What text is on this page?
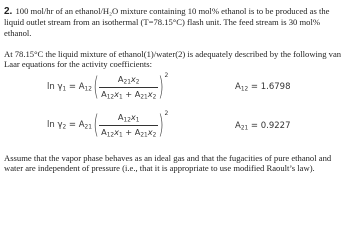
2. 100 mol/hr of an ethanol/H₂O mixture containing 10 mol% ethanol is to be produced as the liquid outlet stream from an isothermal (T=78.15°C) flash unit. The feed stream is 30 mol% ethanol.
At 78.15°C the liquid mixture of ethanol(1)/water(2) is adequately described by the following van Laar equations for the activity coefficients:
$\ln \gamma_1 = A_{12}$ ( $\frac{A_{21}x_2}{A_{12}x_1 + A_{21}x_2}$ ) 2
$A_{12} = 1.6798$
$\ln \gamma_2 = A_{21}$ ( $\frac{A_{12}x_1}{A_{12}x_1 + A_{21}x_2}$ ) 2
$A_{21} = 0.9227$
Assume that the vapor phase behaves as an ideal gas and that the fugacities of pure ethanol and water are independent of pressure (i.e., that it is appropriate to use modified Raoult’s law).
